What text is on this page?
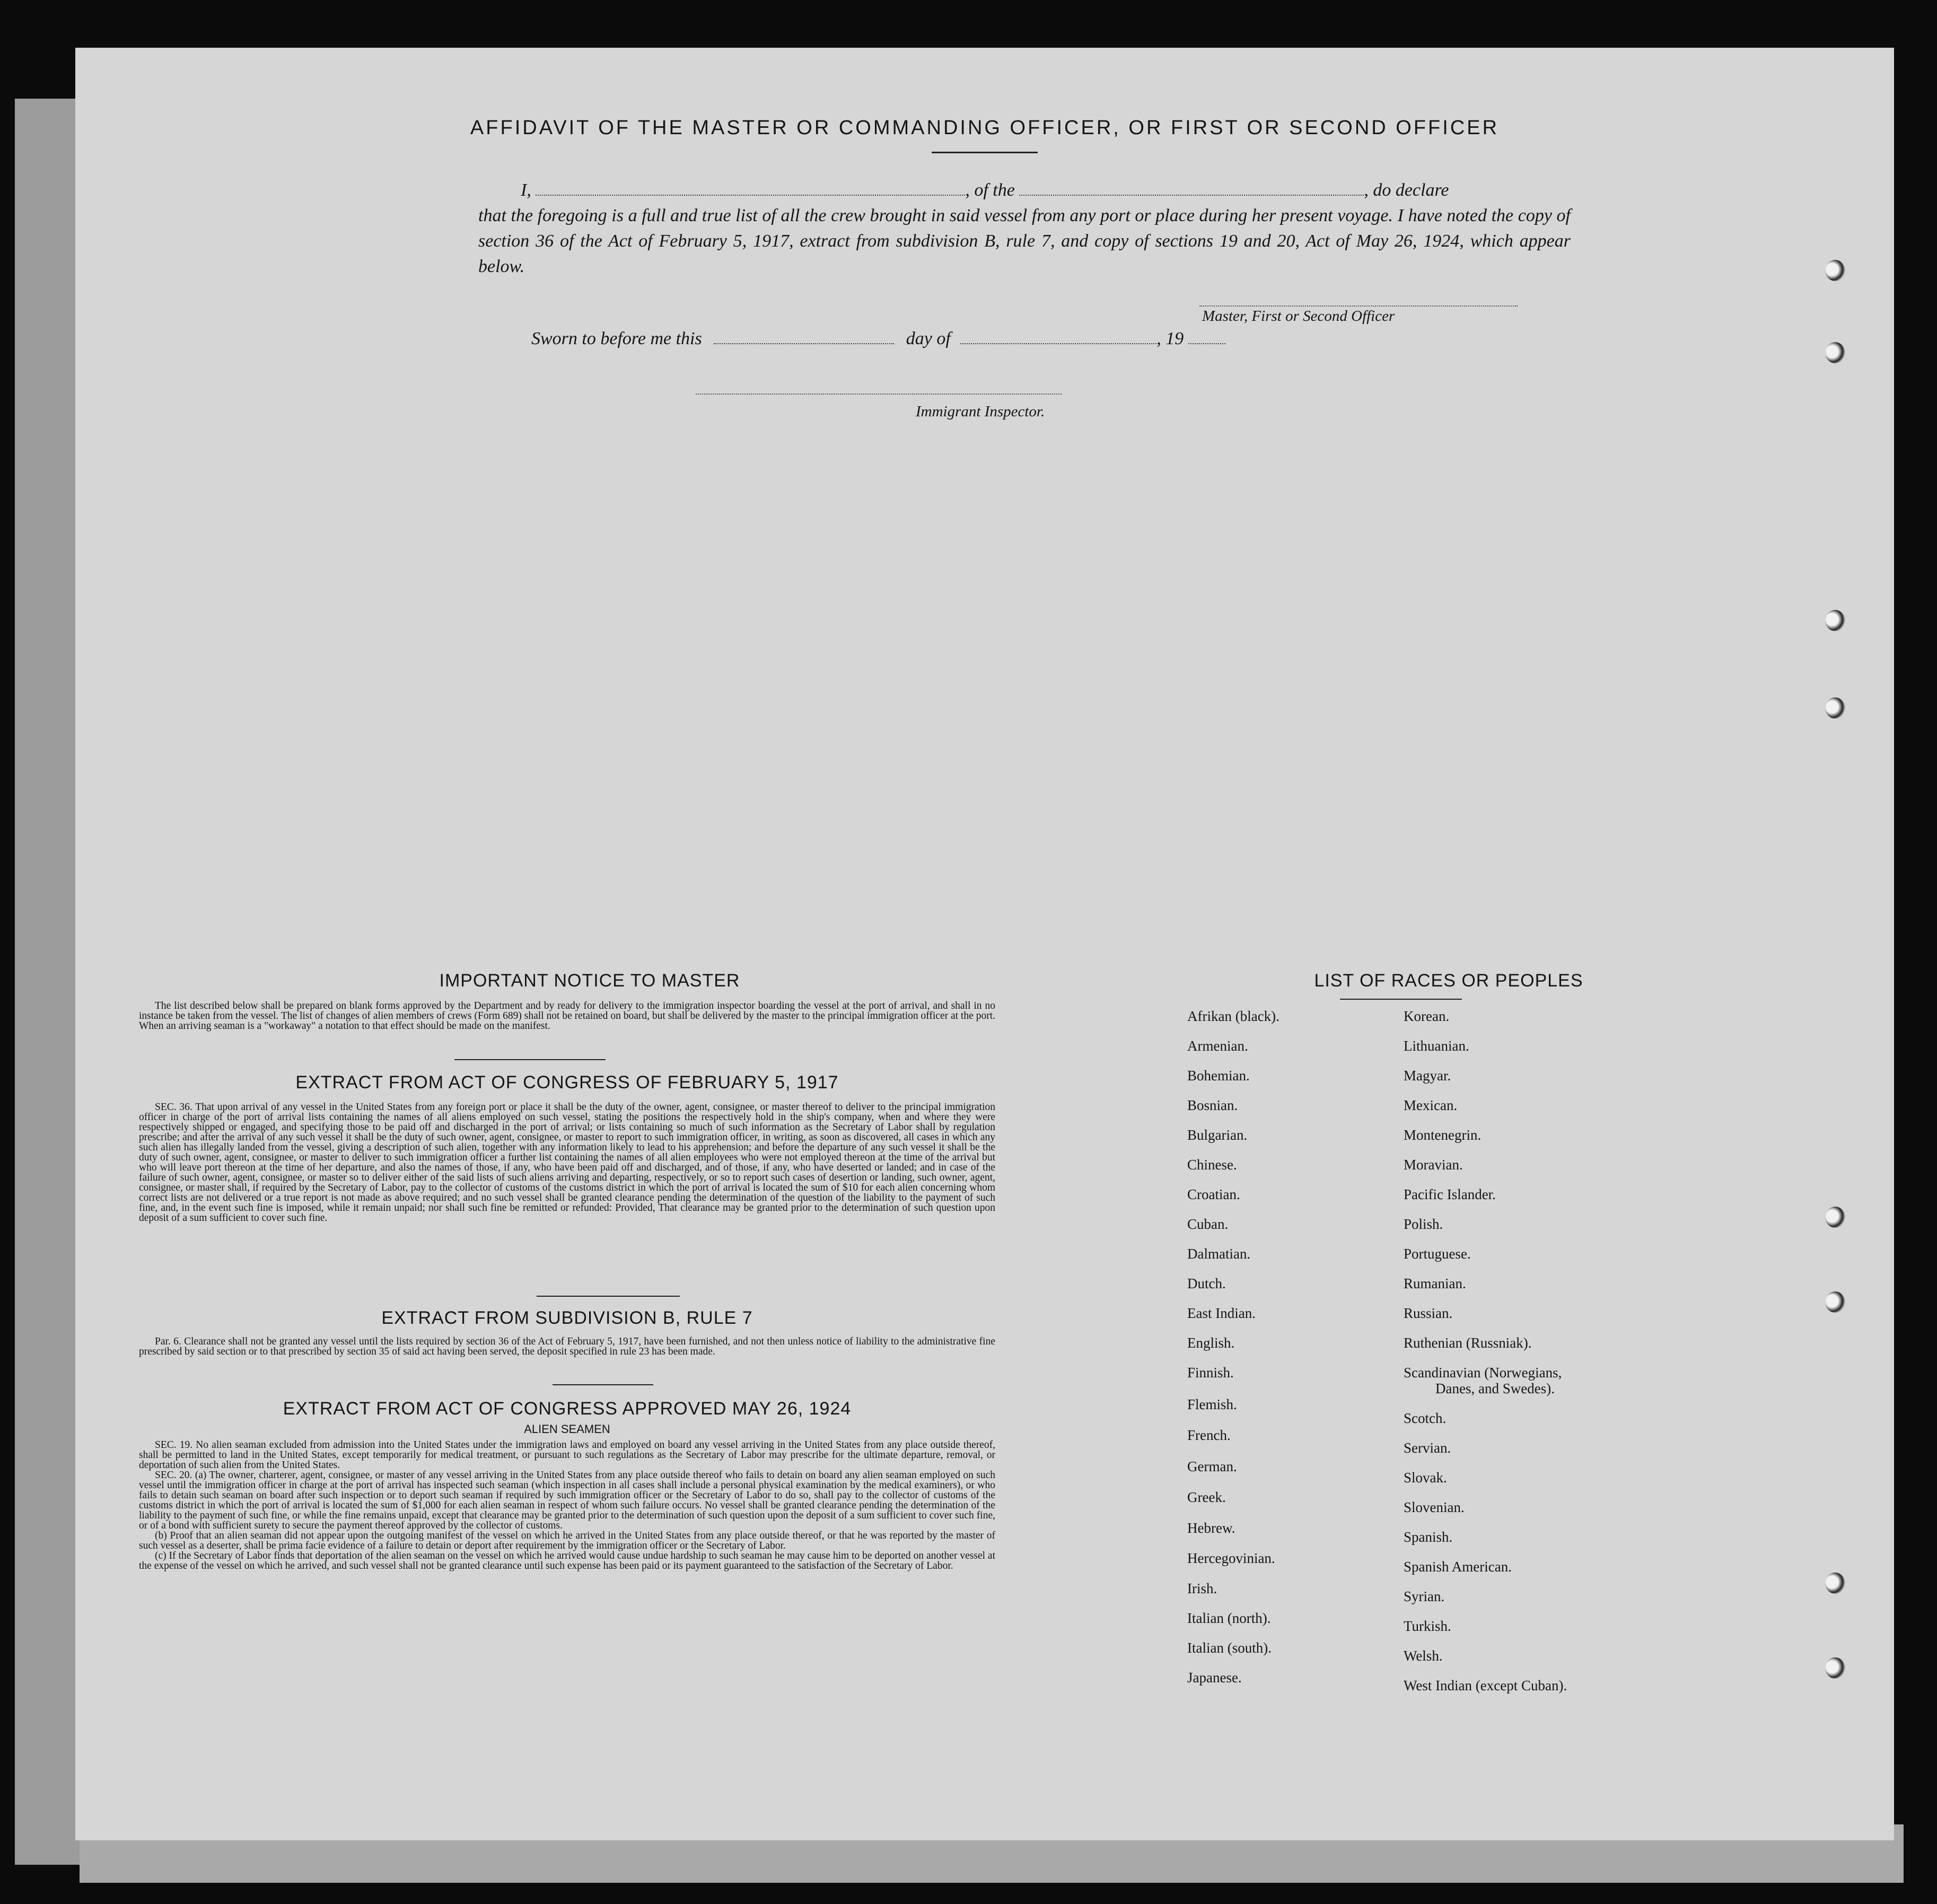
AFFIDAVIT OF THE MASTER OR COMMANDING OFFICER, OR FIRST OR SECOND OFFICER
I,	, of the	, do declare
that the foregoing is a full and true list of all the crew brought in said vessel from any port or place during her present voyage. I have noted the copy of section 36 of the Act of February 5, 1917, extract from subdivision B, rule 7, and copy of sections 19 and 20, Act of May 26, 1924, which appear below.
Master, First or Second Officer
Sworn to before me this	day of	, 19
Immigrant Inspector.
IMPORTANT NOTICE TO MASTER
The list described below shall be prepared on blank forms approved by the Department and by ready for delivery to the immigration inspector boarding the vessel at the port of arrival, and shall in no instance be taken from the vessel. The list of changes of alien members of crews (Form 689) shall not be retained on board, but shall be delivered by the master to the principal immigration officer at the port. When an arriving seaman is a "workaway" a notation to that effect should be made on the manifest.
EXTRACT FROM ACT OF CONGRESS OF FEBRUARY 5, 1917
SEC. 36. That upon arrival of any vessel in the United States from any foreign port or place it shall be the duty of the owner, agent, consignee, or master thereof to deliver to the principal immigration officer in charge of the port of arrival lists containing the names of all aliens employed on such vessel, stating the positions the respectively hold in the ship's company, when and where they were respectively shipped or engaged, and specifying those to be paid off and discharged in the port of arrival; or lists containing so much of such information as the Secretary of Labor shall by regulation prescribe; and after the arrival of any such vessel it shall be the duty of such owner, agent, consignee, or master to report to such immigration officer, in writing, as soon as discovered, all cases in which any such alien has illegally landed from the vessel, giving a description of such alien, together with any information likely to lead to his apprehension; and before the departure of any such vessel it shall be the duty of such owner, agent, consignee, or master to deliver to such immigration officer a further list containing the names of all alien employees who were not employed thereon at the time of the arrival but who will leave port thereon at the time of her departure, and also the names of those, if any, who have been paid off and discharged, and of those, if any, who have deserted or landed; and in case of the failure of such owner, agent, consignee, or master so to deliver either of the said lists of such aliens arriving and departing, respectively, or so to report such cases of desertion or landing, such owner, agent, consignee, or master shall, if required by the Secretary of Labor, pay to the collector of customs of the customs district in which the port of arrival is located the sum of $10 for each alien concerning whom correct lists are not delivered or a true report is not made as above required; and no such vessel shall be granted clearance pending the determination of the question of the liability to the payment of such fine, and, in the event such fine is imposed, while it remain unpaid; nor shall such fine be remitted or refunded: Provided, That clearance may be granted prior to the determination of such question upon deposit of a sum sufficient to cover such fine.
EXTRACT FROM SUBDIVISION B, RULE 7
Par. 6. Clearance shall not be granted any vessel until the lists required by section 36 of the Act of February 5, 1917, have been furnished, and not then unless notice of liability to the administrative fine prescribed by said section or to that prescribed by section 35 of said act having been served, the deposit specified in rule 23 has been made.
EXTRACT FROM ACT OF CONGRESS APPROVED MAY 26, 1924
ALIEN SEAMEN
SEC. 19. No alien seaman excluded from admission into the United States under the immigration laws and employed on board any vessel arriving in the United States from any place outside thereof, shall be permitted to land in the United States, except temporarily for medical treatment, or pursuant to such regulations as the Secretary of Labor may prescribe for the ultimate departure, removal, or deportation of such alien from the United States.
SEC. 20. (a) The owner, charterer, agent, consignee, or master of any vessel arriving in the United States from any place outside thereof who fails to detain on board any alien seaman employed on such vessel until the immigration officer in charge at the port of arrival has inspected such seaman (which inspection in all cases shall include a personal physical examination by the medical examiners), or who fails to detain such seaman on board after such inspection or to deport such seaman if required by such immigration officer or the Secretary of Labor to do so, shall pay to the collector of customs of the customs district in which the port of arrival is located the sum of $1,000 for each alien seaman in respect of whom such failure occurs. No vessel shall be granted clearance pending the determination of the liability to the payment of such fine, or while the fine remains unpaid, except that clearance may be granted prior to the determination of such question upon the deposit of a sum sufficient to cover such fine, or of a bond with sufficient surety to secure the payment thereof approved by the collector of customs.
(b) Proof that an alien seaman did not appear upon the outgoing manifest of the vessel on which he arrived in the United States from any place outside thereof, or that he was reported by the master of such vessel as a deserter, shall be prima facie evidence of a failure to detain or deport after requirement by the immigration officer or the Secretary of Labor.
(c) If the Secretary of Labor finds that deportation of the alien seaman on the vessel on which he arrived would cause undue hardship to such seaman he may cause him to be deported on another vessel at the expense of the vessel on which he arrived, and such vessel shall not be granted clearance until such expense has been paid or its payment guaranteed to the satisfaction of the Secretary of Labor.
LIST OF RACES OR PEOPLES
Afrikan (black).
Armenian.
Bohemian.
Bosnian.
Bulgarian.
Chinese.
Croatian.
Cuban.
Dalmatian.
Dutch.
East Indian.
English.
Finnish.
Flemish.
French.
German.
Greek.
Hebrew.
Hercegovinian.
Irish.
Italian (north).
Italian (south).
Japanese.
Korean.
Lithuanian.
Magyar.
Mexican.
Montenegrin.
Moravian.
Pacific Islander.
Polish.
Portuguese.
Rumanian.
Russian.
Ruthenian (Russniak).
Scandinavian (Norwegians,
Danes, and Swedes).
Scotch.
Servian.
Slovak.
Slovenian.
Spanish.
Spanish American.
Syrian.
Turkish.
Welsh.
West Indian (except Cuban).
